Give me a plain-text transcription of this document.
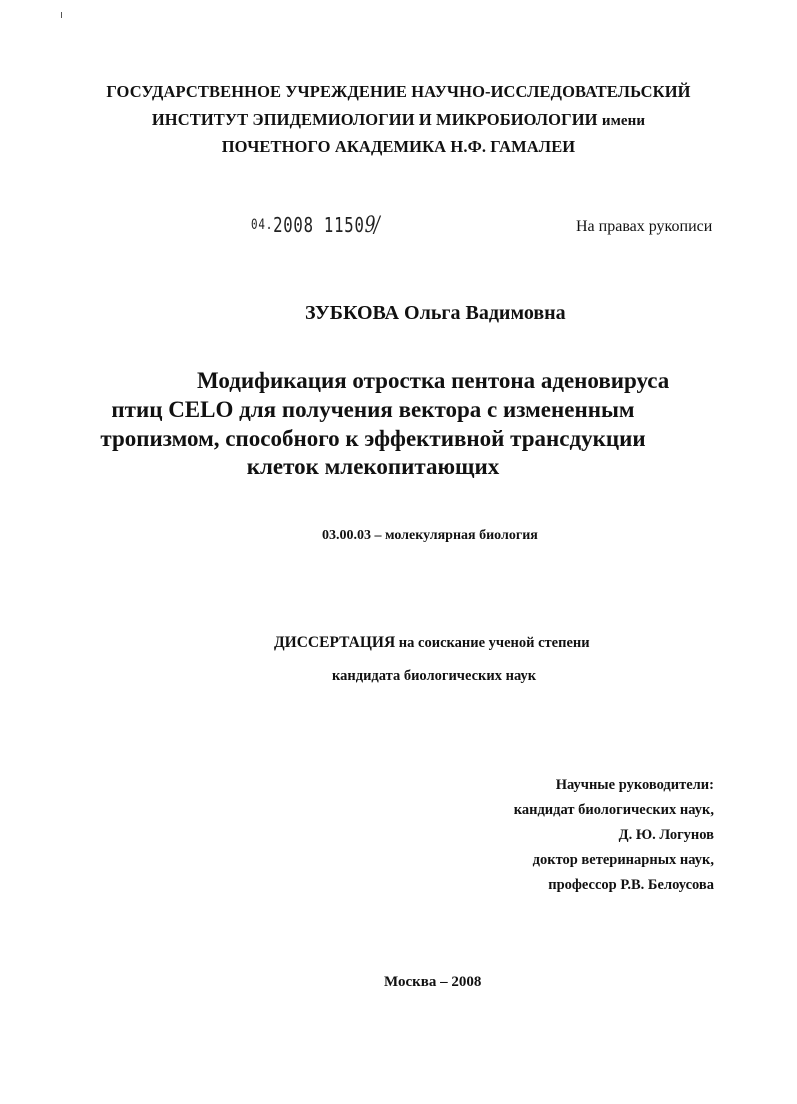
ГОСУДАРСТВЕННОЕ УЧРЕЖДЕНИЕ НАУЧНО-ИССЛЕДОВАТЕЛЬСКИЙ
ИНСТИТУТ ЭПИДЕМИОЛОГИИ И МИКРОБИОЛОГИИ имени
ПОЧЕТНОГО АКАДЕМИКА Н.Ф. ГАМАЛЕИ
04.2008 11509/	На правах рукописи
ЗУБКОВА Ольга Вадимовна
Модификация отростка пентона аденовируса
птиц CELO для получения вектора с измененным
тропизмом, способного к эффективной трансдукции
клеток млекопитающих
03.00.03 – молекулярная биология
ДИССЕРТАЦИЯ на соискание ученой степени
кандидата биологических наук
Научные руководители:
кандидат биологических наук,
Д. Ю. Логунов
доктор ветеринарных наук,
профессор Р.В. Белоусова
Москва – 2008
